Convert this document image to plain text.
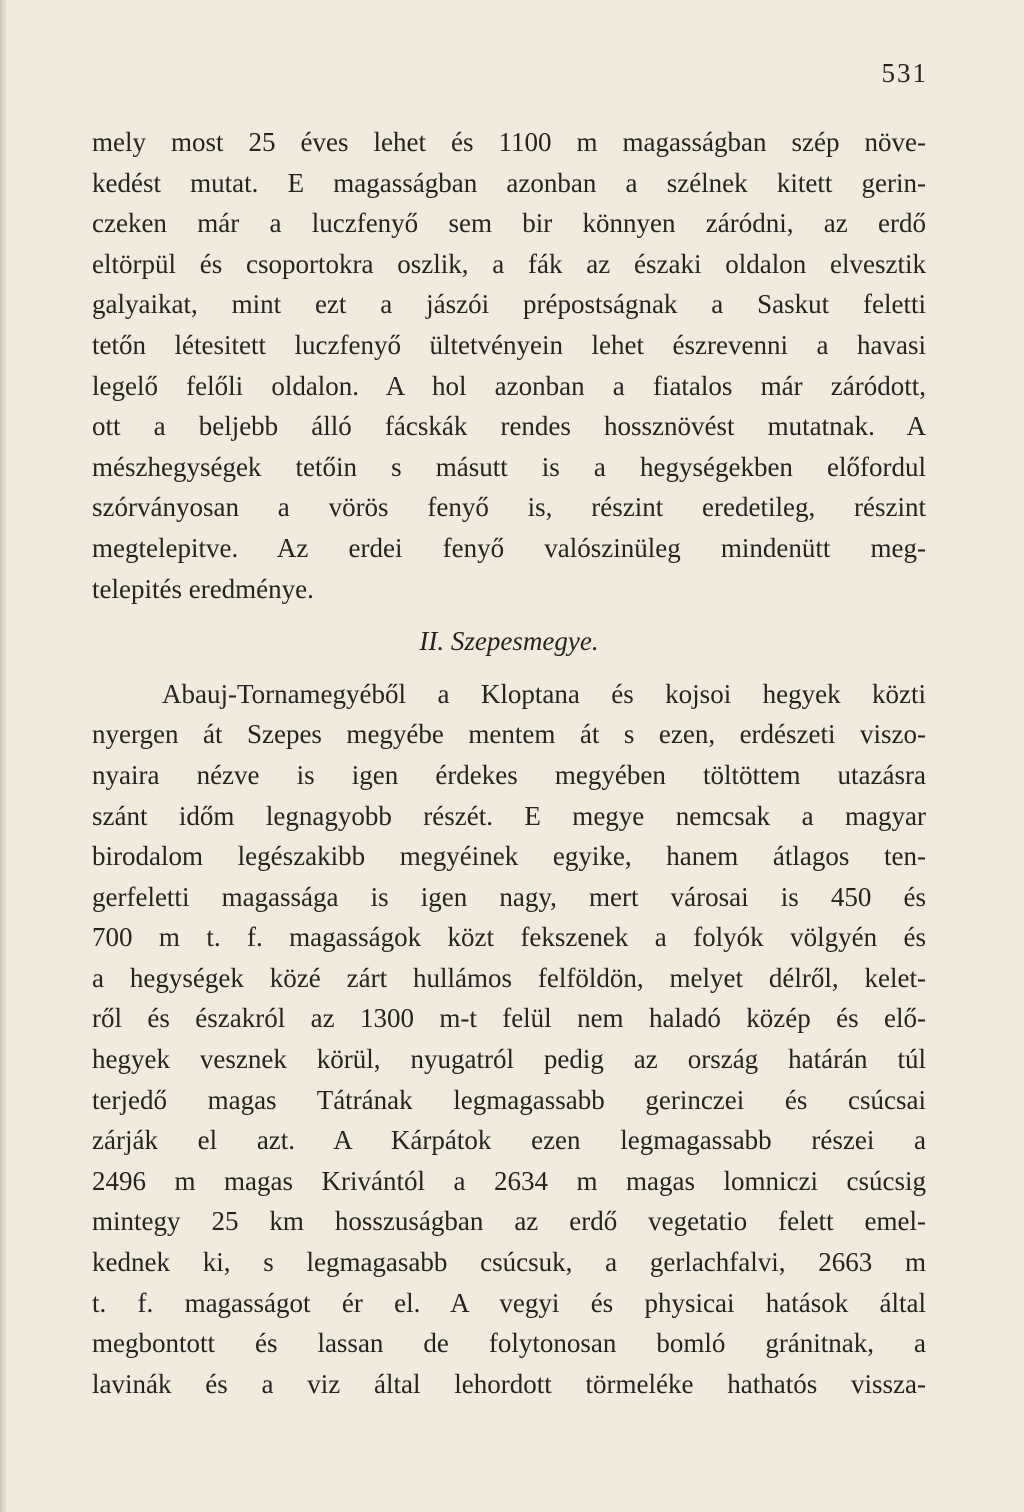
531
mely most 25 éves lehet és 1100 m magasságban szép növe-
kedést mutat. E magasságban azonban a szélnek kitett gerin-
czeken már a luczfenyő sem bir könnyen záródni, az erdő
eltörpül és csoportokra oszlik, a fák az északi oldalon elvesztik
galyaikat, mint ezt a jászói prépostságnak a Saskut feletti
tetőn létesitett luczfenyő ültetvényein lehet észrevenni a havasi
legelő felőli oldalon. A hol azonban a fiatalos már záródott,
ott a beljebb álló fácskák rendes hossznövést mutatnak. A
mészhegységek tetőin s másutt is a hegységekben előfordul
szórványosan a vörös fenyő is, részint eredetileg, részint
megtelepitve. Az erdei fenyő valószinüleg mindenütt meg-
telepités eredménye.
II. Szepesmegye.
Abauj-Tornamegyéből a Kloptana és kojsoi hegyek közti
nyergen át Szepes megyébe mentem át s ezen, erdészeti viszo-
nyaira nézve is igen érdekes megyében töltöttem utazásra
szánt időm legnagyobb részét. E megye nemcsak a magyar
birodalom legészakibb megyéinek egyike, hanem átlagos ten-
gerfeletti magassága is igen nagy, mert városai is 450 és
700 m t. f. magasságok közt fekszenek a folyók völgyén és
a hegységek közé zárt hullámos felföldön, melyet délről, kelet-
ről és északról az 1300 m-t felül nem haladó közép és elő-
hegyek vesznek körül, nyugatról pedig az ország határán túl
terjedő magas Tátrának legmagassabb gerinczei és csúcsai
zárják el azt. A Kárpátok ezen legmagassabb részei a
2496 m magas Krivántól a 2634 m magas lomniczi csúcsig
mintegy 25 km hosszuságban az erdő vegetatio felett emel-
kednek ki, s legmagasabb csúcsuk, a gerlachfalvi, 2663 m
t. f. magasságot ér el. A vegyi és physicai hatások által
megbontott és lassan de folytonosan bomló gránitnak, a
lavinák és a viz által lehordott törmeléke hathatós vissza-
